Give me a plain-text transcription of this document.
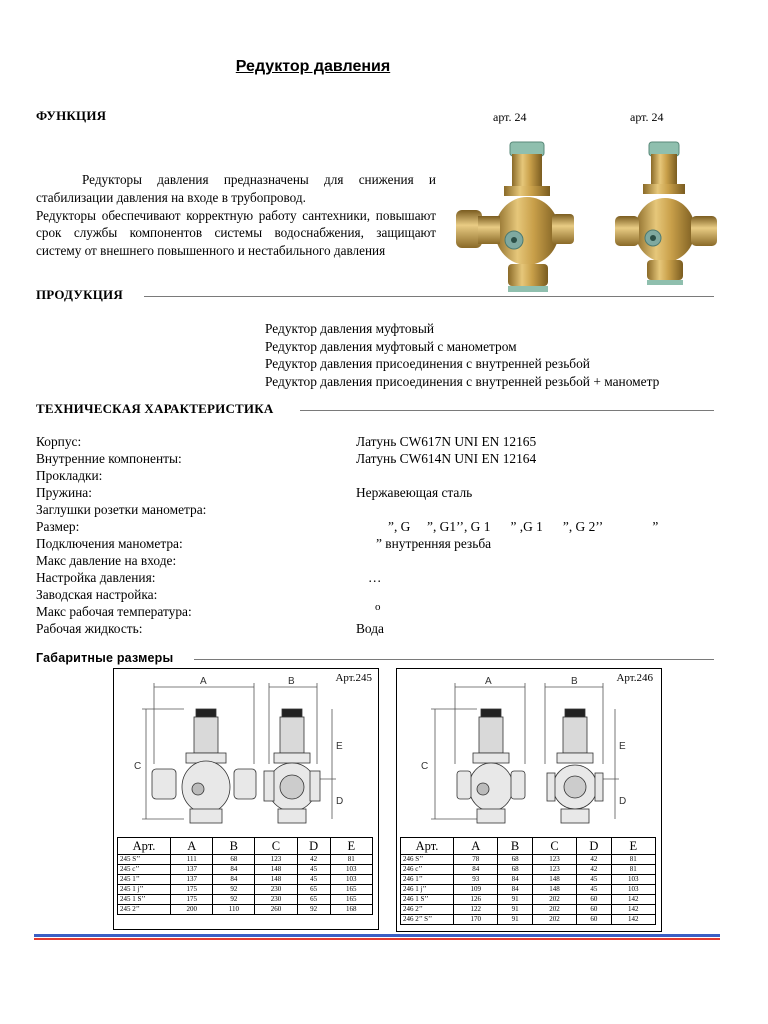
Редуктор давления
ФУНКЦИЯ	арт. 24	арт. 24
Редукторы давления предназначены для снижения и стабилизации давления на входе в трубопровод.
Редукторы обеспечивают корректную работу сантехники, повышают срок службы компонентов системы водоснабжения, защищают систему от внешнего повышенного и нестабильного давления
ПРОДУКЦИЯ
Редуктор давления муфтовый
Редуктор давления муфтовый с манометром
Редуктор давления присоединения с внутренней резьбой
Редуктор давления присоединения с внутренней резьбой + манометр
ТЕХНИЧЕСКАЯ ХАРАКТЕРИСТИКА
Корпус:	Латунь CW617N UNI EN 12165
Внутренние компоненты:	Латунь CW614N UNI EN 12164
Прокладки:
Пружина:	Нержавеющая сталь
Заглушки розетки манометра:
Размер:	”, G     ”, G1’’, G 1      ” ,G 1      ”, G 2’’               ”
Подключения манометра:	” внутренняя резьба
Макс давление на входе:
Настройка давления:	…
Заводская настройка:
Макс рабочая температура:	о
Рабочая жидкость:	Вода
Габаритные размеры
Арт.245
A	B
C
D
E
Арт.	A	B	C	D	E
245 S’’	111	68	123	42	81
245 с’’	137	84	148	45	103
245 1’’	137	84	148	45	103
245 1 j’’	175	92	230	65	165
245 1 S’’	175	92	230	65	165
245 2’’	200	110	260	92	168
Арт.246
A	B
C
D
E
Арт.	A	B	C	D	E
246 S’’	78	68	123	42	81
246 с’’	84	68	123	42	81
246 1’’	93	84	148	45	103
246 1 j’’	109	84	148	45	103
246 1 S’’	126	91	202	60	142
246 2’’	122	91	202	60	142
246 2’’ S’’	170	91	202	60	142
